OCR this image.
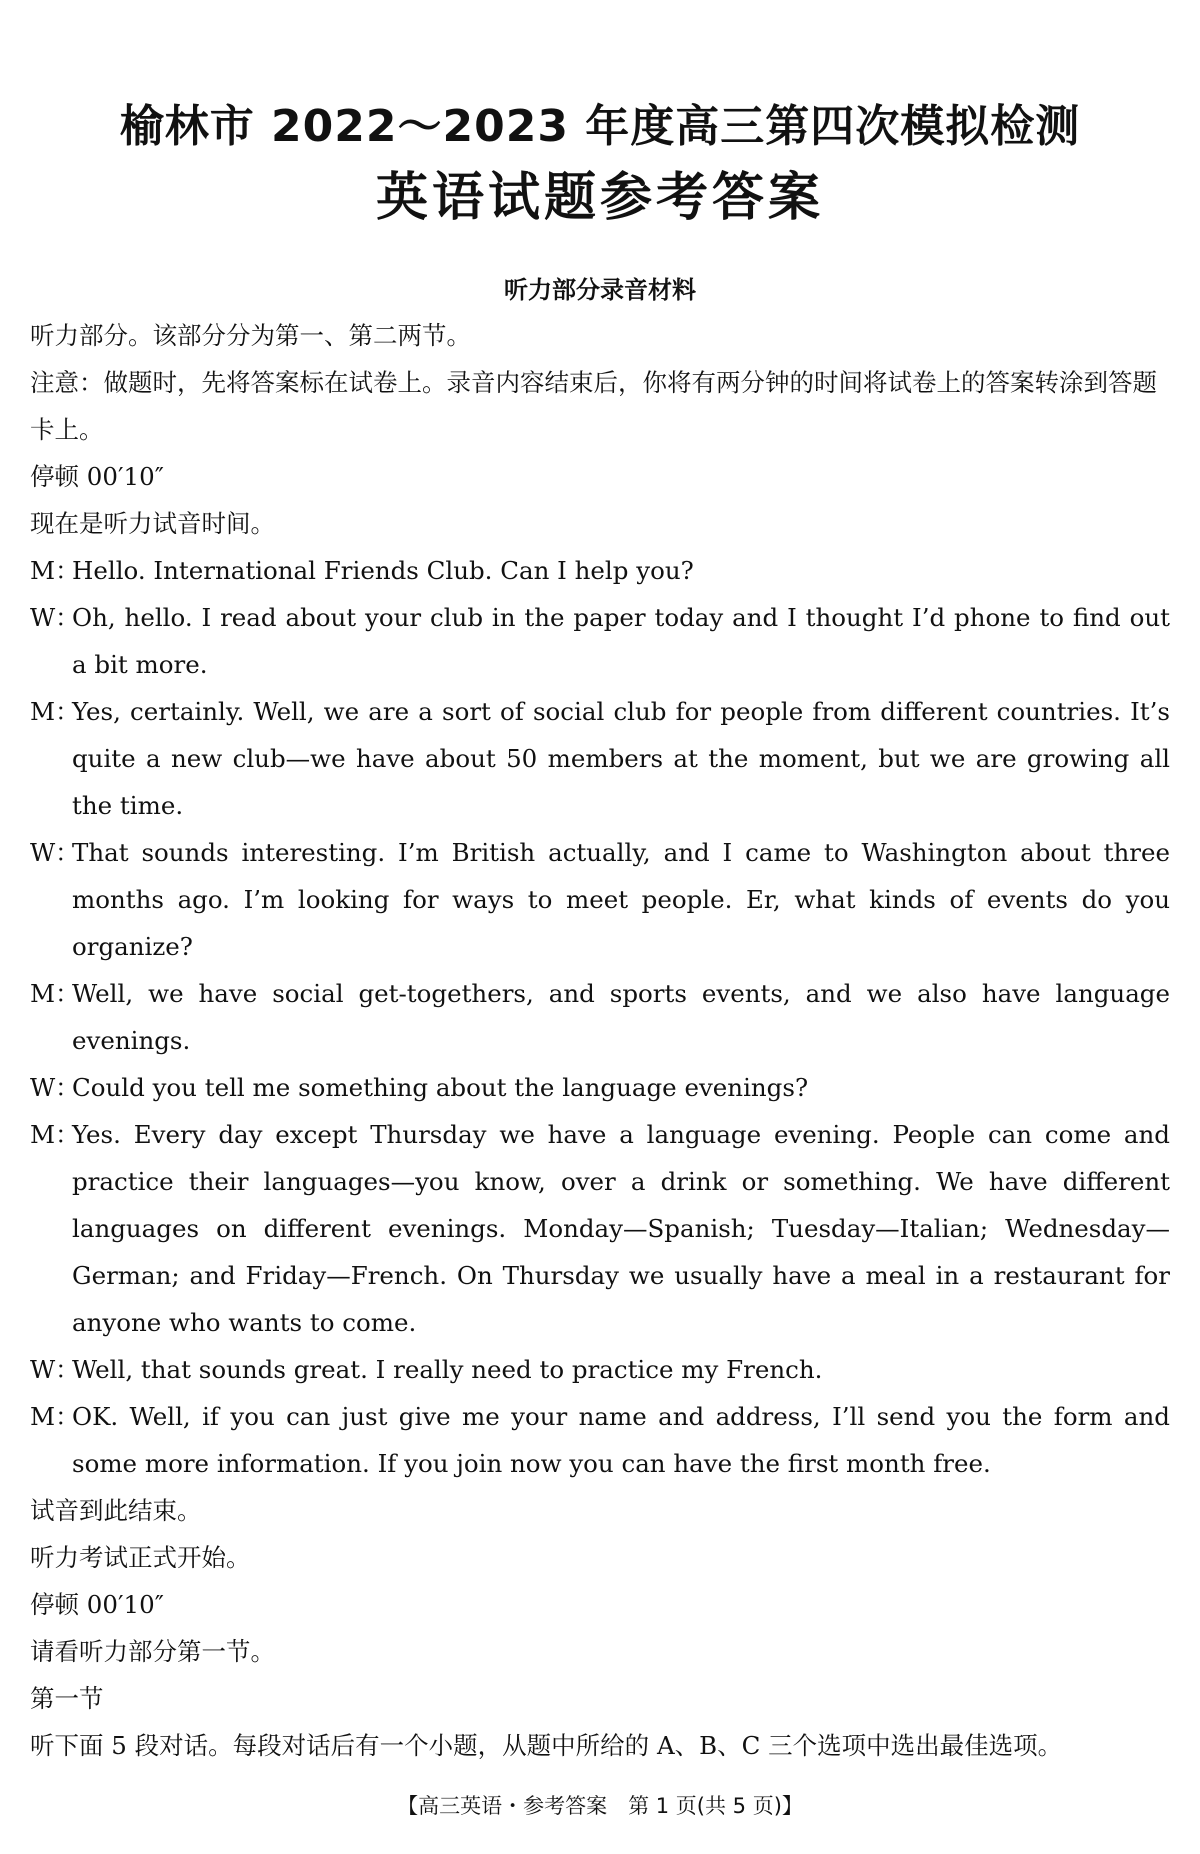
榆林市 2022～2023 年度高三第四次模拟检测
英语试题参考答案
听力部分录音材料
听力部分。该部分分为第一、第二两节。
注意：做题时，先将答案标在试卷上。录音内容结束后，你将有两分钟的时间将试卷上的答案转涂到答题卡上。
停顿 00′10″
现在是听力试音时间。
M：Hello. International Friends Club. Can I help you?
W：Oh, hello. I read about your club in the paper today and I thought I’d phone to find out a bit more.
M：Yes, certainly. Well, we are a sort of social club for people from different countries. It’s quite a new club—we have about 50 members at the moment, but we are growing all the time.
W：That sounds interesting. I’m British actually, and I came to Washington about three months ago. I’m looking for ways to meet people. Er, what kinds of events do you organize?
M：Well, we have social get-togethers, and sports events, and we also have language evenings.
W：Could you tell me something about the language evenings?
M：Yes. Every day except Thursday we have a language evening. People can come and practice their languages—you know, over a drink or something. We have different languages on different evenings. Monday—Spanish; Tuesday—Italian; Wednesday—German; and Friday—French. On Thursday we usually have a meal in a restaurant for anyone who wants to come.
W：Well, that sounds great. I really need to practice my French.
M：OK. Well, if you can just give me your name and address, I’ll send you the form and some more information. If you join now you can have the first month free.
试音到此结束。
听力考试正式开始。
停顿 00′10″
请看听力部分第一节。
第一节
听下面 5 段对话。每段对话后有一个小题，从题中所给的 A、B、C 三个选项中选出最佳选项。
【高三英语・参考答案　第 1 页(共 5 页)】
